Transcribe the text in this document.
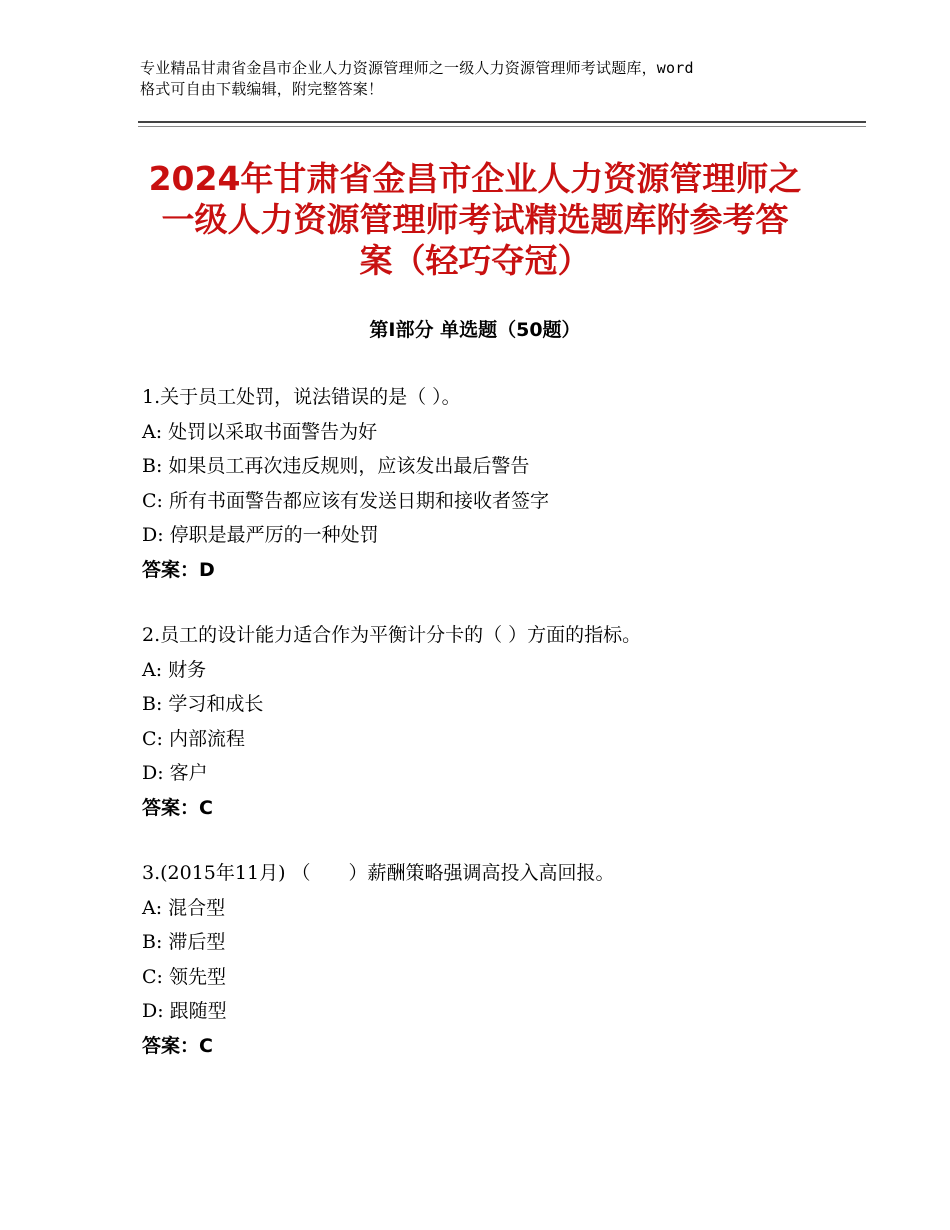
专业精品甘肃省金昌市企业人力资源管理师之一级人力资源管理师考试题库，word
格式可自由下载编辑，附完整答案！
2024年甘肃省金昌市企业人力资源管理师之
一级人力资源管理师考试精选题库附参考答
案（轻巧夺冠）
第Ⅰ部分 单选题（50题）
1.关于员工处罚，说法错误的是（ ）。
A: 处罚以采取书面警告为好
B: 如果员工再次违反规则，应该发出最后警告
C: 所有书面警告都应该有发送日期和接收者签字
D: 停职是最严厉的一种处罚
答案：D
2.员工的设计能力适合作为平衡计分卡的（ ）方面的指标。
A: 财务
B: 学习和成长
C: 内部流程
D: 客户
答案：C
3.(2015年11月) （　　）薪酬策略强调高投入高回报。
A: 混合型
B: 滞后型
C: 领先型
D: 跟随型
答案：C
